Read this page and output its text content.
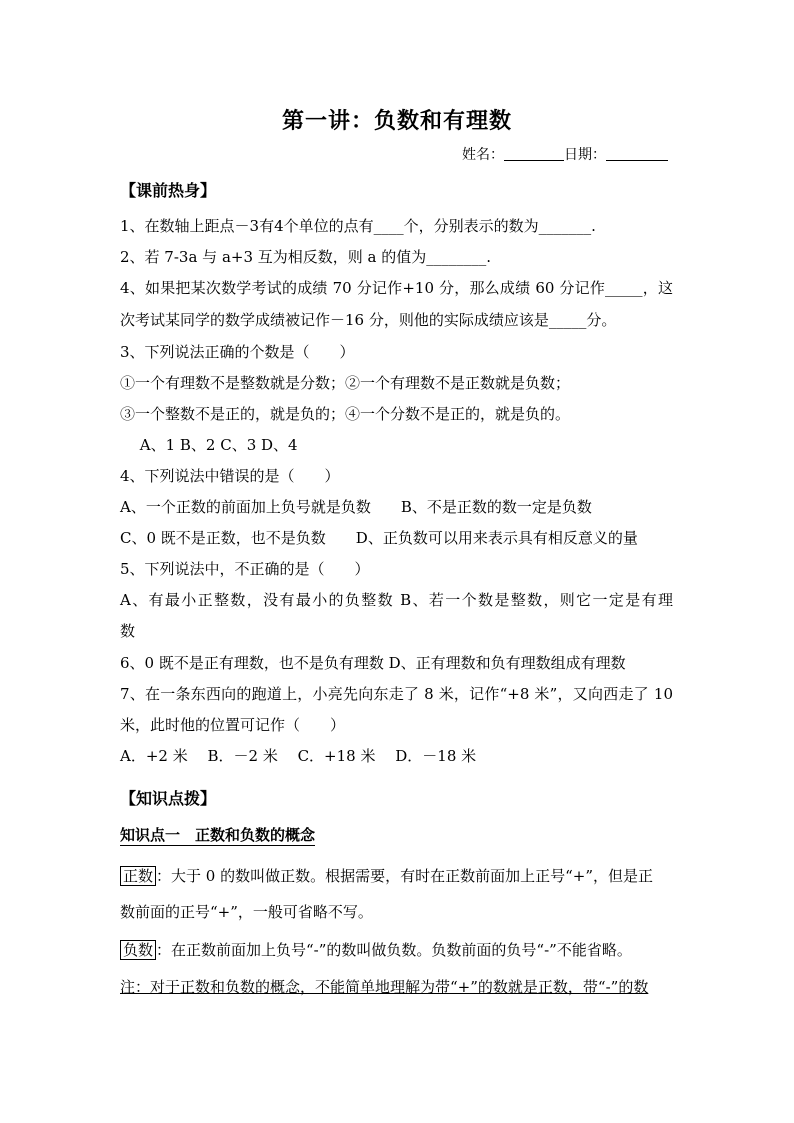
第一讲：负数和有理数
姓名：	日期：
【课前热身】
1、在数轴上距点－3有4个单位的点有____个，分别表示的数为_______.
2、若 7-3a 与 a+3 互为相反数，则 a 的值为________.
4、如果把某次数学考试的成绩 70 分记作+10 分，那么成绩 60 分记作_____，这
次考试某同学的数学成绩被记作－16 分，则他的实际成绩应该是_____分。
3、下列说法正确的个数是（　　）
①一个有理数不是整数就是分数；②一个有理数不是正数就是负数；
③一个整数不是正的，就是负的；④一个分数不是正的，就是负的。
　 A、1 B、2 C、3 D、4
4、下列说法中错误的是（　　）
A、一个正数的前面加上负号就是负数　　B、不是正数的数一定是负数
C、0 既不是正数，也不是负数　　D、正负数可以用来表示具有相反意义的量
5、下列说法中，不正确的是（　　）
A、有最小正整数，没有最小的负整数 B、若一个数是整数，则它一定是有理
数
6、0 既不是正有理数，也不是负有理数 D、正有理数和负有理数组成有理数
7、在一条东西向的跑道上，小亮先向东走了 8 米，记作“+8 米”，又向西走了 10
米，此时他的位置可记作（　　）
A．+2 米　 B．－2 米　 C．+18 米　 D．－18 米
【知识点拨】
知识点一　正数和负数的概念
正数 ：大于 0 的数叫做正数。根据需要，有时在正数前面加上正号“+”，但是正
数前面的正号“+”，一般可省略不写。
负数 ：在正数前面加上负号“-”的数叫做负数。负数前面的负号“-”不能省略。
注：对于正数和负数的概念，不能简单地理解为带“+”的数就是正数，带“-”的数
